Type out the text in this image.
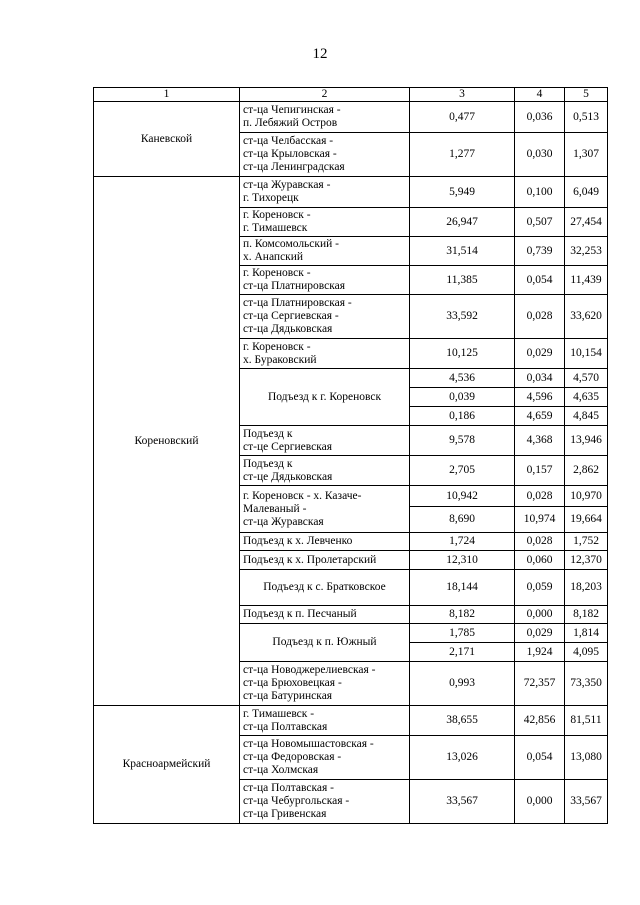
12
1	2	3	4	5
Каневской	ст-ца Чепигинская -
п. Лебяжий Остров	0,477	0,036	0,513
	ст-ца Челбасская -
ст-ца Крыловская -
ст-ца Ленинградская	1,277	0,030	1,307
Кореновский	ст-ца Журавская -
г. Тихорецк	5,949	0,100	6,049
	г. Кореновск -
г. Тимашевск	26,947	0,507	27,454
	п. Комсомольский -
х. Анапский	31,514	0,739	32,253
	г. Кореновск -
ст-ца Платнировская	11,385	0,054	11,439
	ст-ца Платнировская -
ст-ца Сергиевская -
ст-ца Дядьковская	33,592	0,028	33,620
	г. Кореновск -
х. Бураковский	10,125	0,029	10,154
	Подъезд к г. Кореновск	4,536	0,034	4,570
		0,039	4,596	4,635
		0,186	4,659	4,845
	Подъезд к
ст-це Сергиевская	9,578	4,368	13,946
	Подъезд к
ст-це Дядьковская	2,705	0,157	2,862
	г. Кореновск - х. Казаче-
Малеваный -
ст-ца Журавская	10,942	0,028	10,970
		8,690	10,974	19,664
	Подъезд к х. Левченко	1,724	0,028	1,752
	Подъезд к х. Пролетарский	12,310	0,060	12,370
	Подъезд к с. Братковское	18,144	0,059	18,203
	Подъезд к п. Песчаный	8,182	0,000	8,182
	Подъезд к п. Южный	1,785	0,029	1,814
		2,171	1,924	4,095
	ст-ца Новоджерелиевская -
ст-ца Брюховецкая -
ст-ца Батуринская	0,993	72,357	73,350
Красноармейский	г. Тимашевск -
ст-ца Полтавская	38,655	42,856	81,511
	ст-ца Новомышастовская -
ст-ца Федоровская -
ст-ца Холмская	13,026	0,054	13,080
	ст-ца Полтавская -
ст-ца Чебургольская -
ст-ца Гривенская	33,567	0,000	33,567
